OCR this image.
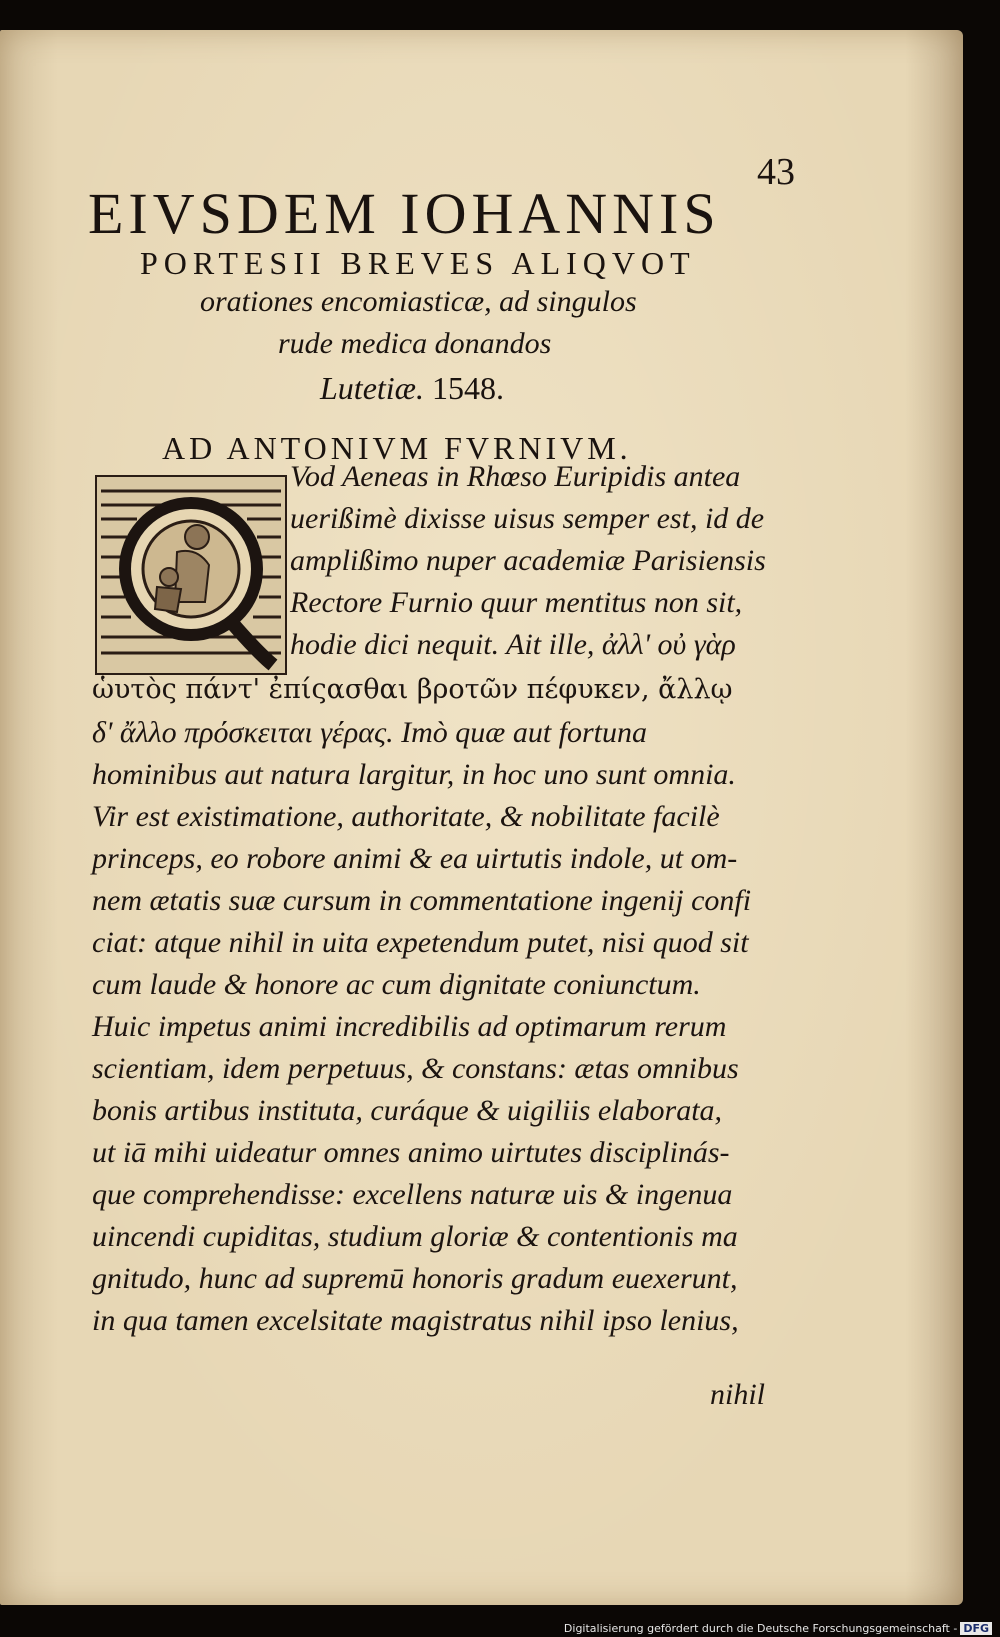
43
EIVSDEM IOHANNIS
PORTESII BREVES ALIQVOT
orationes encomiasticæ, ad singulos
rude medica donandos
Lutetiæ. 1548.
AD ANTONIVM FVRNIVM.
Vod Aeneas in Rhœso Euripidis antea
uerißimè dixisse uisus semper est, id de
amplißimo nuper academiæ Parisiensis
Rectore Furnio quur mentitus non sit,
hodie dici nequit. Ait ille, ἀλλ' οὐ γὰρ
ὡυτὸς πάντ' ἐπίςασθαι βροτῶν πέφυκεν, ἄλλῳ
δ' ἄλλο πρόσκειται γέρας. Imò quæ aut fortuna
hominibus aut natura largitur, in hoc uno sunt omnia.
Vir est existimatione, authoritate, & nobilitate facilè
princeps, eo robore animi & ea uirtutis indole, ut om-
nem ætatis suæ cursum in commentatione ingenij confi
ciat: atque nihil in uita expetendum putet, nisi quod sit
cum laude & honore ac cum dignitate coniunctum.
Huic impetus animi incredibilis ad optimarum rerum
scientiam, idem perpetuus, & constans: ætas omnibus
bonis artibus instituta, curáque & uigiliis elaborata,
ut iā mihi uideatur omnes animo uirtutes disciplinás-
que comprehendisse: excellens naturæ uis & ingenua
uincendi cupiditas, studium gloriæ & contentionis ma
gnitudo, hunc ad supremū honoris gradum euexerunt,
in qua tamen excelsitate magistratus nihil ipso lenius,
nihil
Digitalisierung gefördert durch die Deutsche Forschungsgemeinschaft - DFG
